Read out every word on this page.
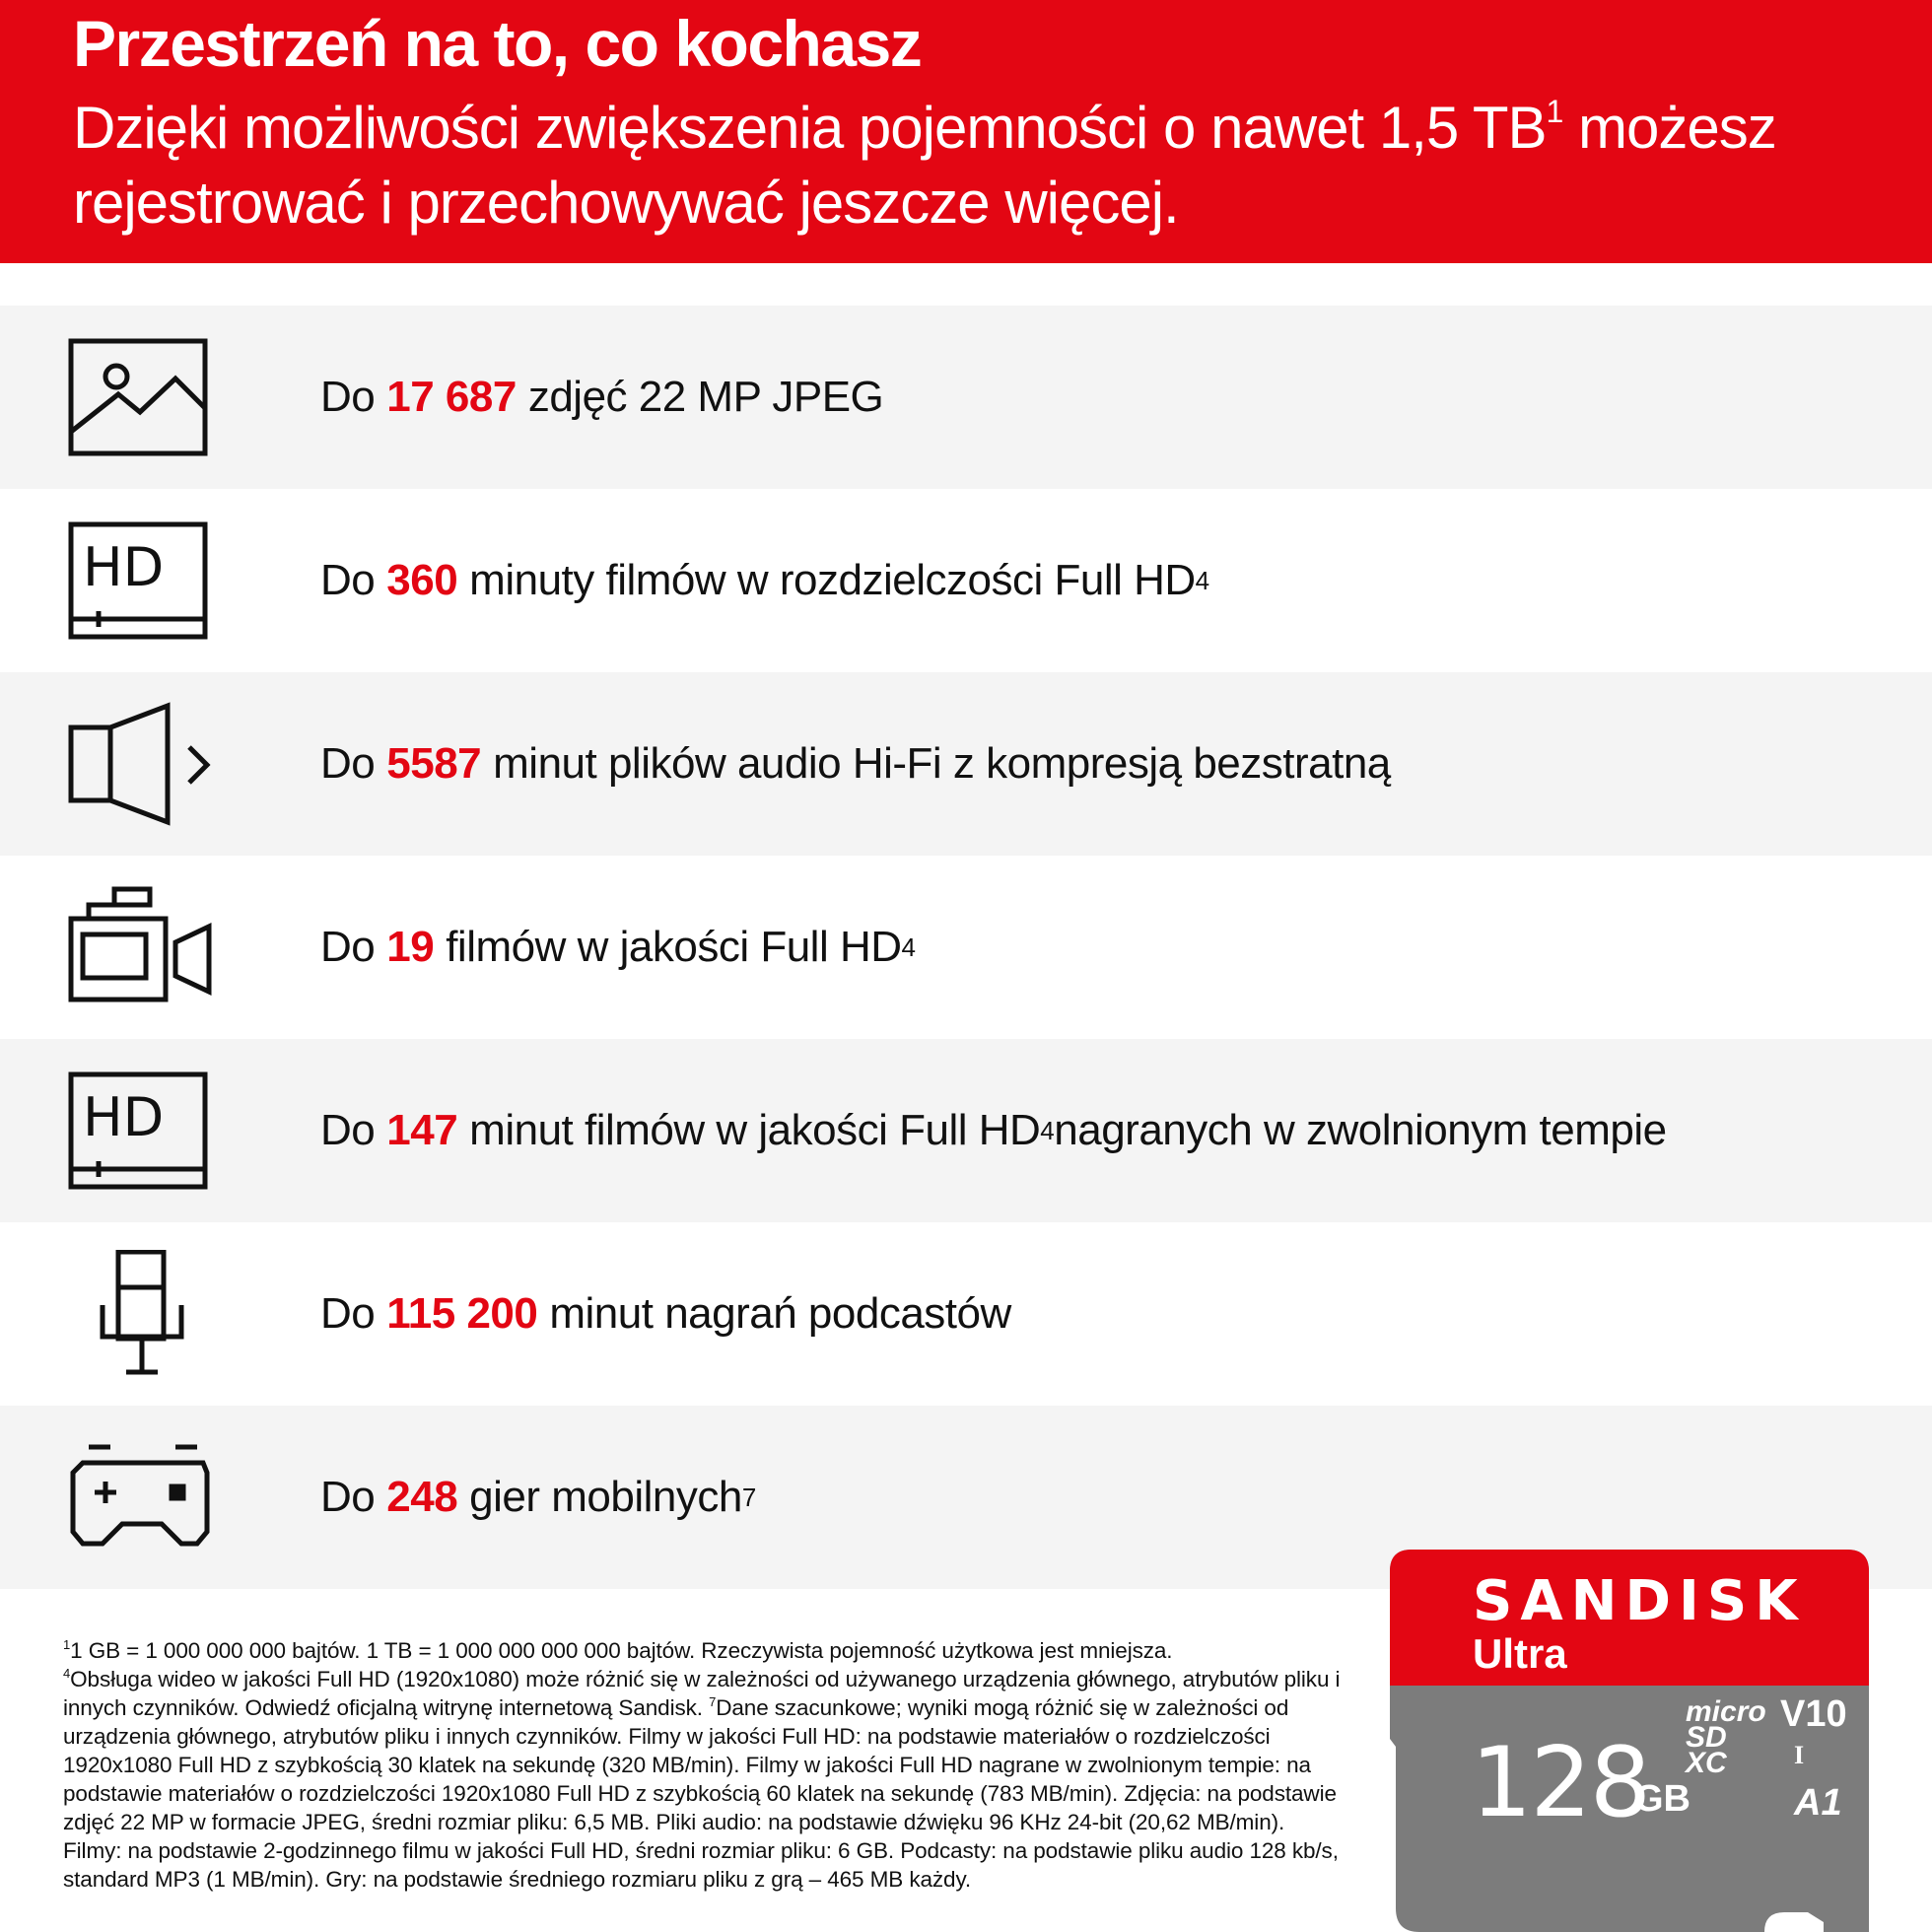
Przestrzeń na to, co kochasz
Dzięki możliwości zwiększenia pojemności o nawet 1,5 $TB^1$ możesz rejestrować i przechowywać jeszcze więcej.
Do 17 687 zdjęć 22 MP JPEG
HD	Do 360 minuty filmów w rozdzielczości Full HD 4
Do 5587 minut plików audio Hi-Fi z kompresją bezstratną
Do 19 filmów w jakości Full HD 4
HD	Do 147 minut filmów w jakości Full HD 4 nagranych w zwolnionym tempie
Do 115 200 minut nagrań podcastów
Do 248 gier mobilnych 7

$^1$1 GB = 1 000 000 000 bajtów. 1 TB = 1 000 000 000 000 bajtów. Rzeczywista pojemność użytkowa jest mniejsza.

$^4$Obsługa wideo w jakości Full HD (1920x1080) może różnić się w zależności od używanego urządzenia głównego, atrybutów pliku i innych czynników. Odwiedź oficjalną witrynę internetową Sandisk. $^7$Dane szacunkowe; wyniki mogą różnić się w zależności od urządzenia głównego, atrybutów pliku i innych czynników. Filmy w jakości Full HD: na podstawie materiałów o rozdzielczości 1920x1080 Full HD z szybkością 30 klatek na sekundę (320 MB/min). Filmy w jakości Full HD nagrane w zwolnionym tempie: na podstawie materiałów o rozdzielczości 1920x1080 Full HD z szybkością 60 klatek na sekundę (783 MB/min). Zdjęcia: na podstawie zdjęć 22 MP w formacie JPEG, średni rozmiar pliku: 6,5 MB. Pliki audio: na podstawie dźwięku 96 KHz 24-bit (20,62 MB/min). Filmy: na podstawie 2-godzinnego filmu w jakości Full HD, średni rozmiar pliku: 6 GB. Podcasty: na podstawie pliku audio 128 kb/s, standard MP3 (1 MB/min). Gry: na podstawie średniego rozmiaru pliku z grą – 465 MB każdy.

SANDISK
Ultra
128
GB
micro SD XC
V10
A1
I
